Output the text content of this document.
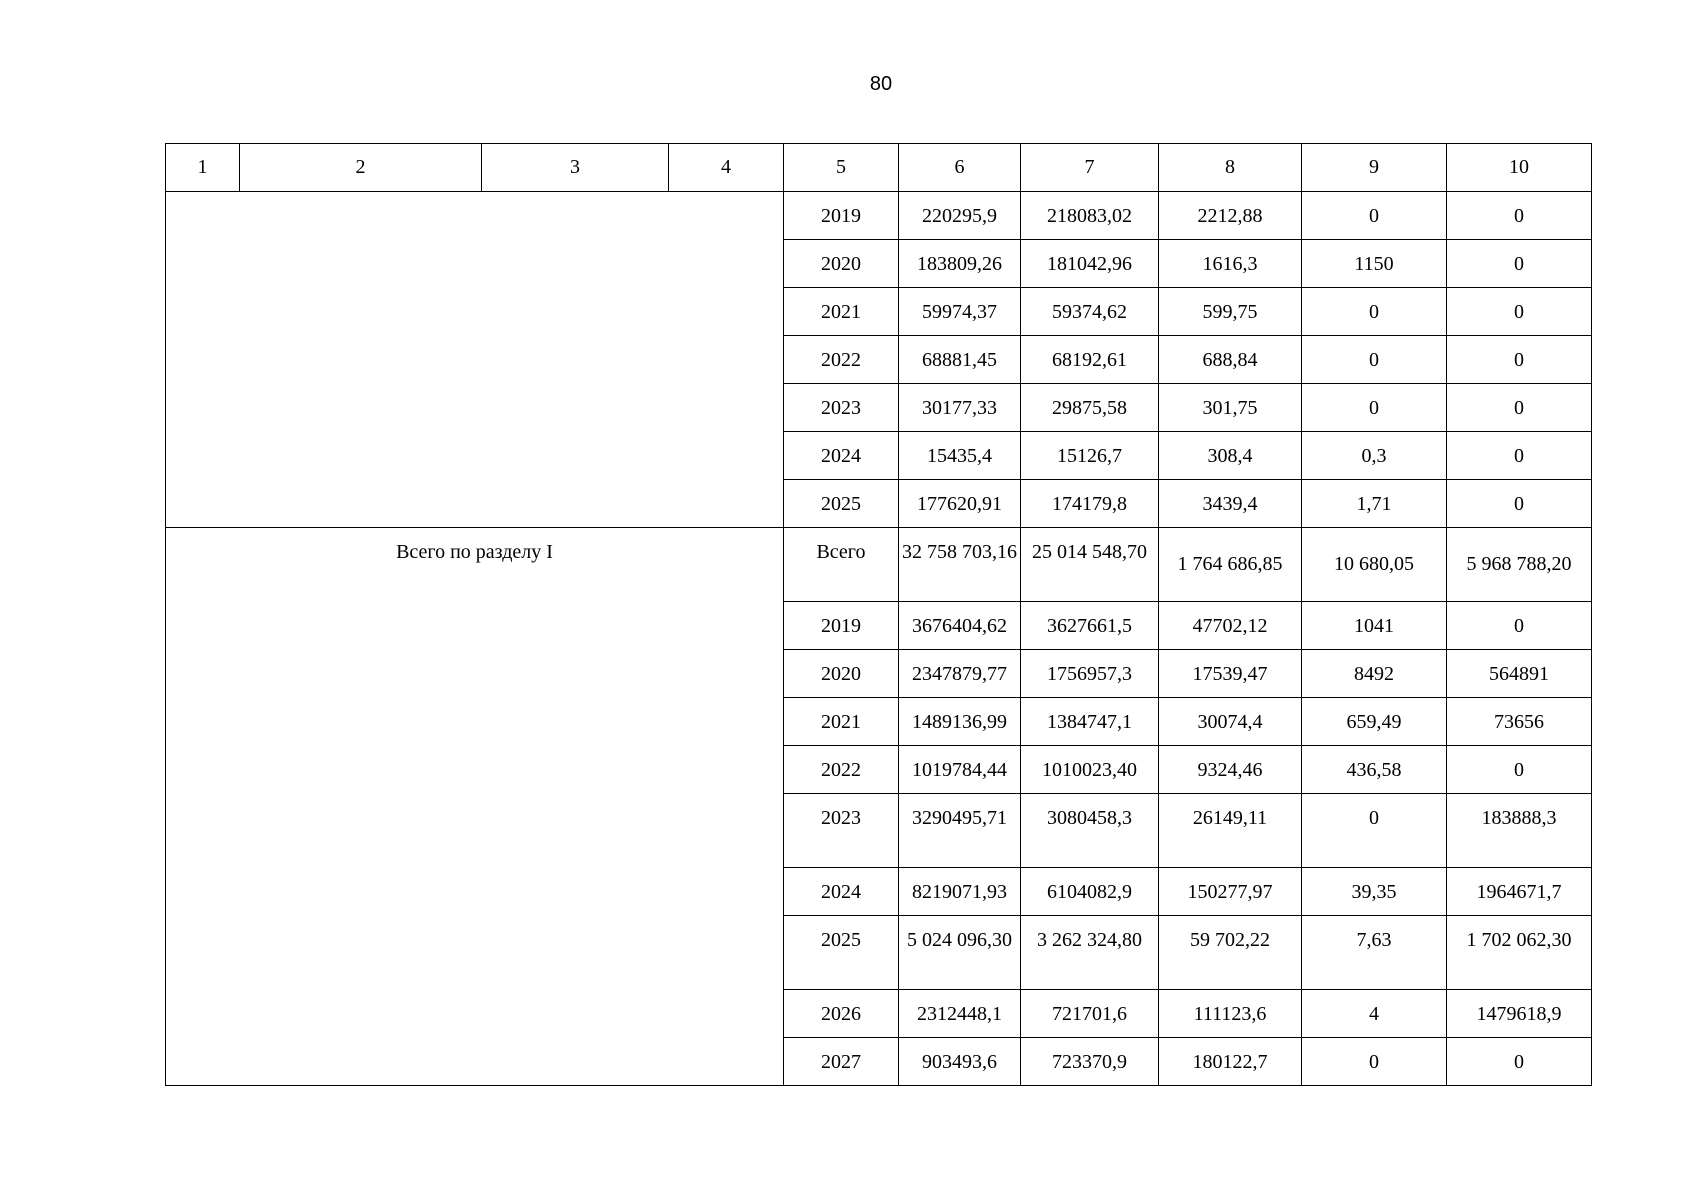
80
1	2	3	4	5	6	7	8	9	10
				2019	220295,9	218083,02	2212,88	0	0
				2020	183809,26	181042,96	1616,3	1150	0
				2021	59974,37	59374,62	599,75	0	0
				2022	68881,45	68192,61	688,84	0	0
				2023	30177,33	29875,58	301,75	0	0
				2024	15435,4	15126,7	308,4	0,3	0
				2025	177620,91	174179,8	3439,4	1,71	0
Всего по разделу I				Всего	32 758 703,16	25 014 548,70	1 764 686,85	10 680,05	5 968 788,20
				2019	3676404,62	3627661,5	47702,12	1041	0
				2020	2347879,77	1756957,3	17539,47	8492	564891
				2021	1489136,99	1384747,1	30074,4	659,49	73656
				2022	1019784,44	1010023,40	9324,46	436,58	0
				2023	3290495,71	3080458,3	26149,11	0	183888,3
				2024	8219071,93	6104082,9	150277,97	39,35	1964671,7
				2025	5 024 096,30	3 262 324,80	59 702,22	7,63	1 702 062,30
				2026	2312448,1	721701,6	111123,6	4	1479618,9
				2027	903493,6	723370,9	180122,7	0	0
